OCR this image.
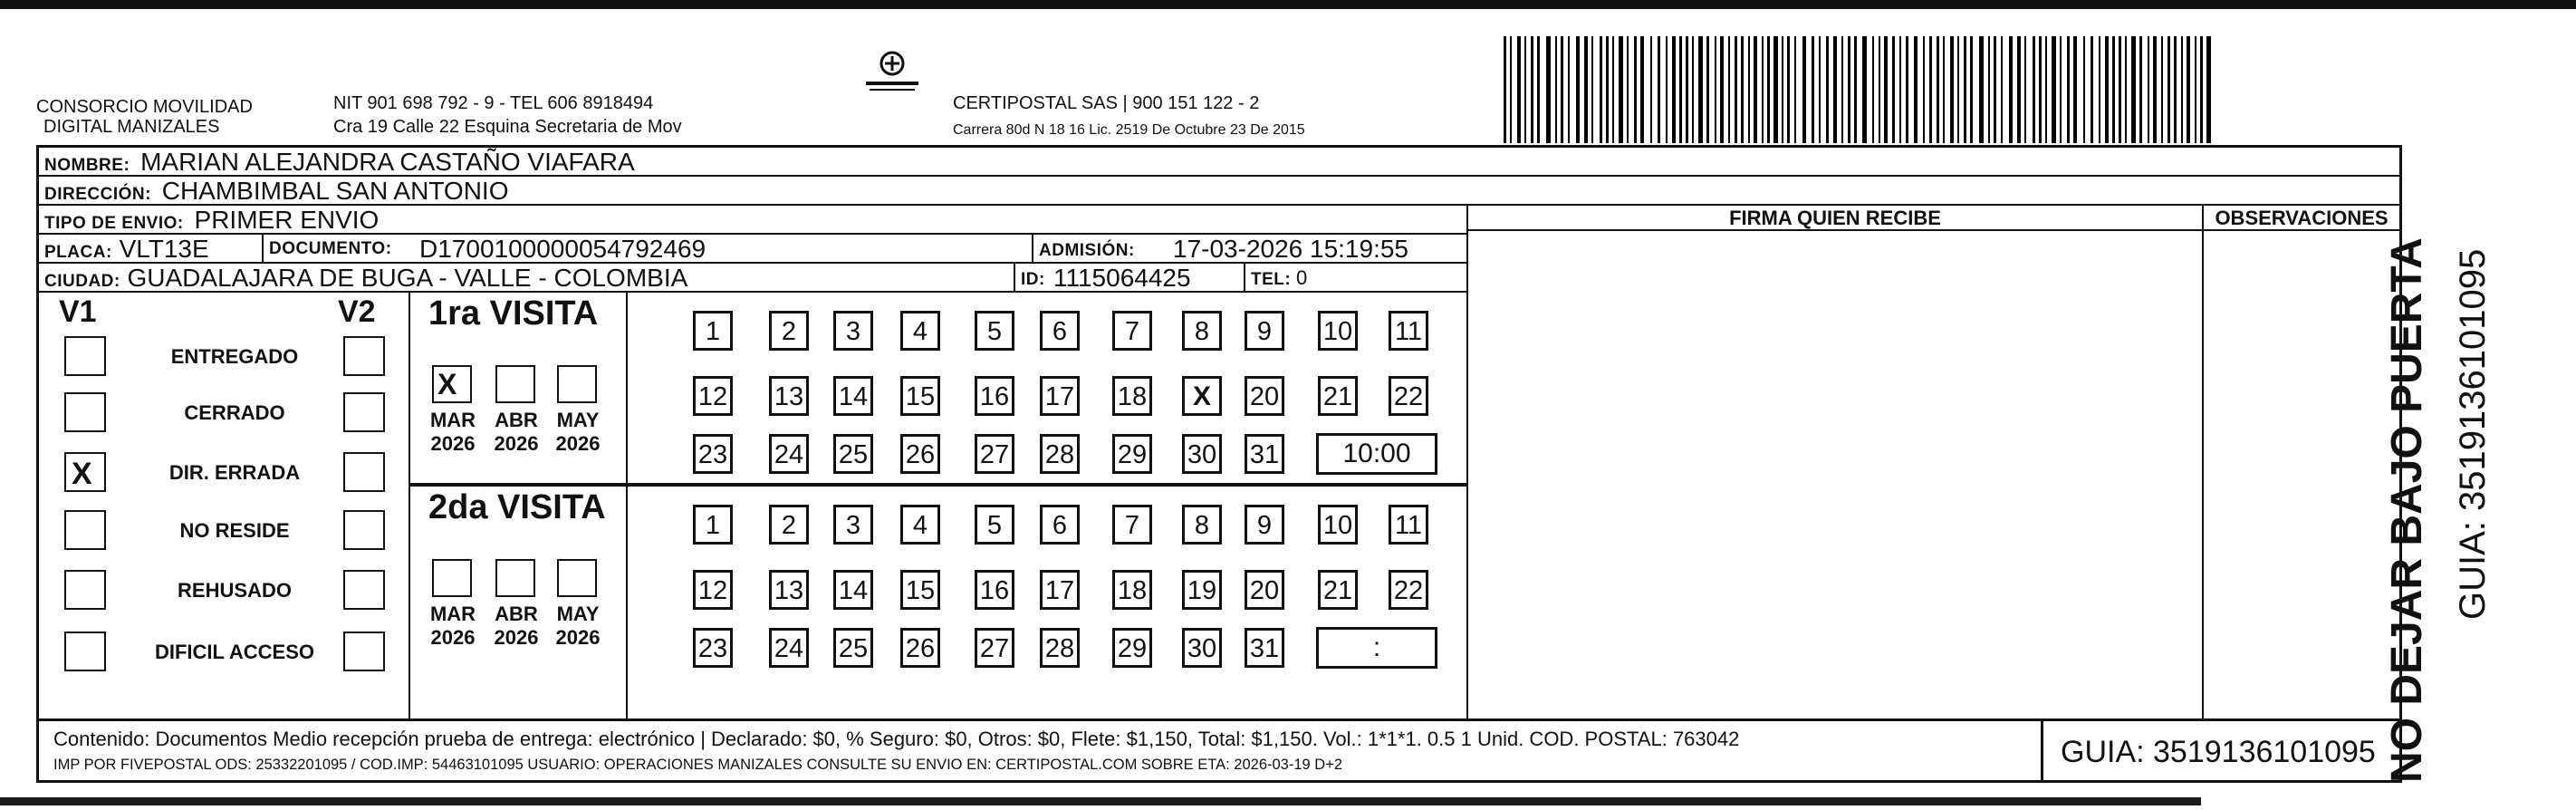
CONSORCIO MOVILIDAD
DIGITAL MANIZALES
NIT 901 698 792 - 9 - TEL 606 8918494
Cra 19 Calle 22 Esquina Secretaria de Mov
CERTIPOSTAL SAS | 900 151 122 - 2
Carrera 80d N 18 16 Lic. 2519 De Octubre 23 De 2015
NOMBRE: MARIAN ALEJANDRA CASTAÑO VIAFARA
DIRECCIÓN: CHAMBIMBAL SAN ANTONIO
TIPO DE ENVIO: PRIMER ENVIO
PLACA: VLT13E	DOCUMENTO: D1700100000054792469	ADMISIÓN: 17-03-2026 15:19:55
CIUDAD: GUADALAJARA DE BUGA - VALLE - COLOMBIA	ID: 1115064425	TEL: 0
FIRMA QUIEN RECIBE	OBSERVACIONES
V1	V2
ENTREGADO
CERRADO
X	DIR. ERRADA
NO RESIDE
REHUSADO
DIFICIL ACCESO
1ra VISITA
X
MAR
2026
ABR
2026
MAY
2026
1	2	3	4	5	6	7	8	9	10 11
12 13 14 15 16 17 18 X	20 21 22
23 24 25 26 27 28 29 30 31	10:00
2da VISITA
MAR
2026
ABR
2026
MAY
2026
1	2	3	4	5	6	7	8	9	10 11
12 13 14 15 16 17 18 19 20 21 22
23 24 25 26 27 28 29 30 31	:
Contenido: Documentos Medio recepción prueba de entrega: electrónico | Declarado: $0, % Seguro: $0, Otros: $0, Flete: $1,150, Total: $1,150. Vol.: 1*1*1. 0.5 1 Unid. COD. POSTAL: 763042
IMP POR FIVEPOSTAL ODS: 25332201095 / COD.IMP: 54463101095 USUARIO: OPERACIONES MANIZALES CONSULTE SU ENVIO EN: CERTIPOSTAL.COM SOBRE ETA: 2026-03-19 D+2	GUIA: 3519136101095 NO DEJAR BAJO PUERTA GUIA: 3519136101095
